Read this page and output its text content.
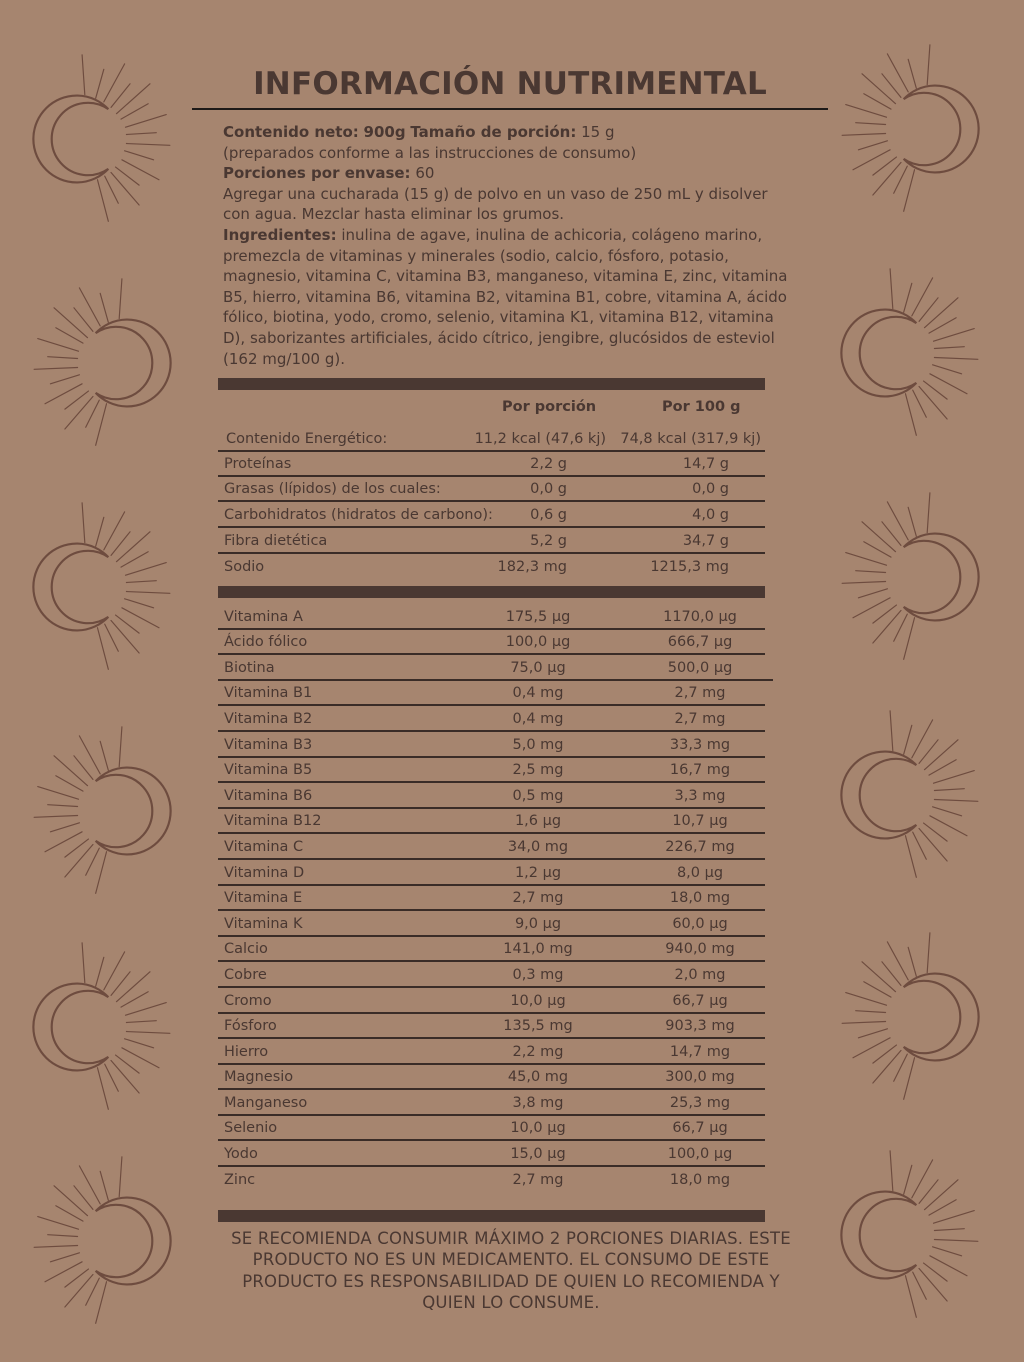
INFORMACIÓN NUTRIMENTAL

Contenido neto: 900g Tamaño de porción: 15 g

(preparados conforme a las instrucciones de consumo)

Porciones por envase: 60

Agregar una cucharada (15 g) de polvo en un vaso de 250 mL y disolver con agua. Mezclar hasta eliminar los grumos.

Ingredientes: inulina de agave, inulina de achicoria, colágeno marino, premezcla de vitaminas y minerales (sodio, calcio, fósforo, potasio, magnesio, vitamina C, vitamina B3, manganeso, vitamina E, zinc, vitamina B5, hierro, vitamina B6, vitamina B2, vitamina B1, cobre, vitamina A, ácido fólico, biotina, yodo, cromo, selenio, vitamina K1, vitamina B12, vitamina D), saborizantes artificiales, ácido cítrico, jengibre, glucósidos de esteviol (162 mg/100 g).

Por porción	Por 100 g
Contenido Energético:	11,2 kcal (47,6 kj) 74,8 kcal (317,9 kj)
Proteínas	2,2 g	14,7 g
Grasas (lípidos) de los cuales:	0,0 g	0,0 g
Carbohidratos (hidratos de carbono):	0,6 g	4,0 g
Fibra dietética	5,2 g	34,7 g
Sodio	182,3 mg	1215,3 mg
Vitamina A	175,5 µg	1170,0 µg
Ácido fólico	100,0 µg	666,7 µg
Biotina	75,0 µg	500,0 µg
Vitamina B1	0,4 mg	2,7 mg
Vitamina B2	0,4 mg	2,7 mg
Vitamina B3	5,0 mg	33,3 mg
Vitamina B5	2,5 mg	16,7 mg
Vitamina B6	0,5 mg	3,3 mg
Vitamina B12	1,6 µg	10,7 µg
Vitamina C	34,0 mg	226,7 mg
Vitamina D	1,2 µg	8,0 µg
Vitamina E	2,7 mg	18,0 mg
Vitamina K	9,0 µg	60,0 µg
Calcio	141,0 mg	940,0 mg
Cobre	0,3 mg	2,0 mg
Cromo	10,0 µg	66,7 µg
Fósforo	135,5 mg	903,3 mg
Hierro	2,2 mg	14,7 mg
Magnesio	45,0 mg	300,0 mg
Manganeso	3,8 mg	25,3 mg
Selenio	10,0 µg	66,7 µg
Yodo	15,0 µg	100,0 µg
Zinc	2,7 mg	18,0 mg
SE RECOMIENDA CONSUMIR MÁXIMO 2 PORCIONES DIARIAS. ESTE PRODUCTO NO ES UN MEDICAMENTO. EL CONSUMO DE ESTE PRODUCTO ES RESPONSABILIDAD DE QUIEN LO RECOMIENDA Y QUIEN LO CONSUME.
